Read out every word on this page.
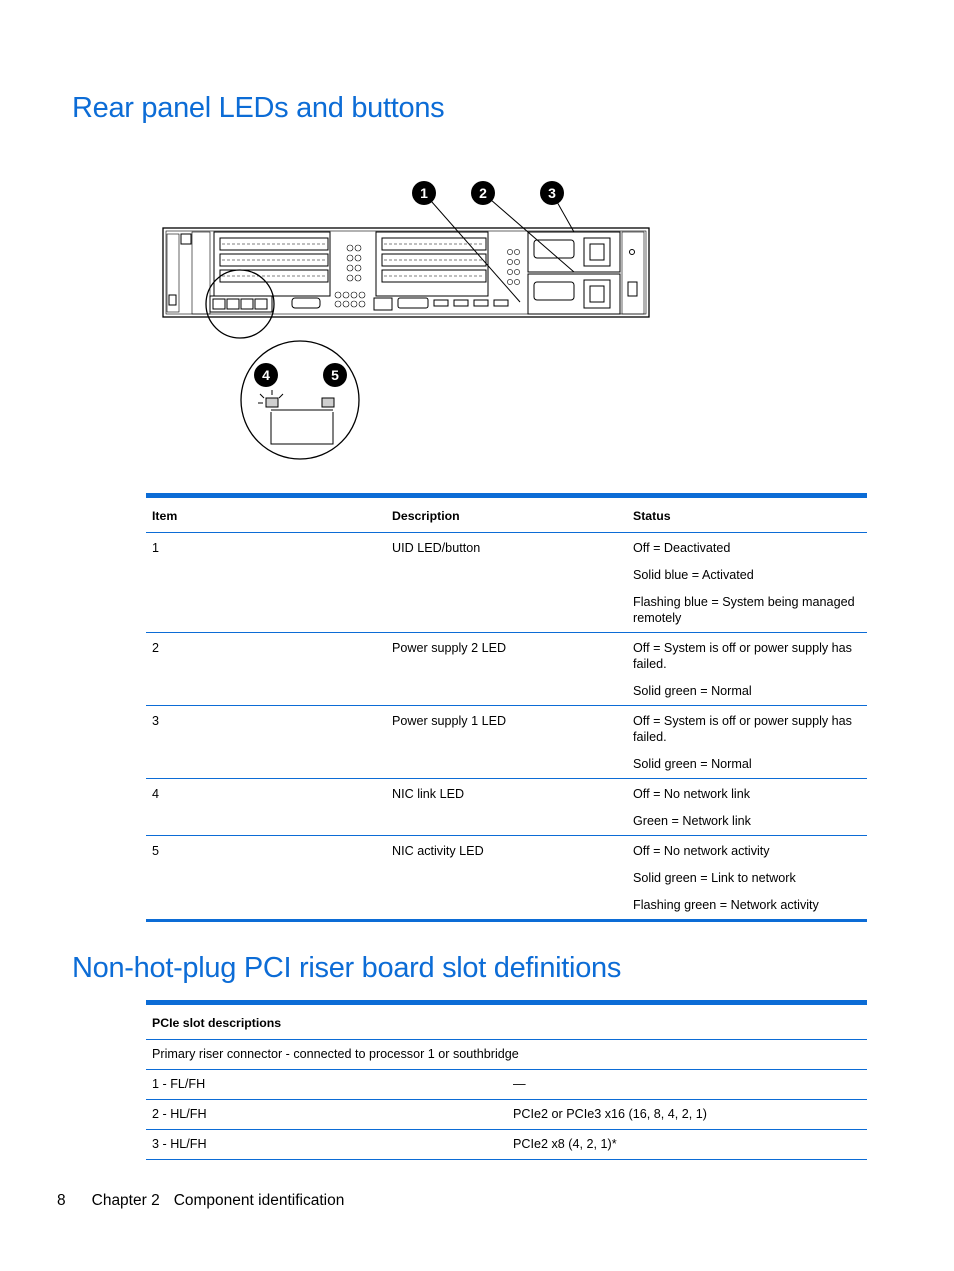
Rear panel LEDs and buttons
1	2	3
4	5
Item	Description	Status
1	UID LED/button	Off = Deactivated

Solid blue = Activated

Flashing blue = System being managed remotely

2	Power supply 2 LED	Off = System is off or power supply has failed.

Solid green = Normal

3	Power supply 1 LED	Off = System is off or power supply has failed.

Solid green = Normal

4	NIC link LED	Off = No network link

Green = Network link

5	NIC activity LED	Off = No network activity

Solid green = Link to network

Flashing green = Network activity

Non-hot-plug PCI riser board slot definitions
PCIe slot descriptions	
Primary riser connector - connected to processor 1 or southbridge	
1 - FL/FH	—
2 - HL/FH	PCIe2 or PCIe3 x16 (16, 8, 4, 2, 1)
3 - HL/FH	PCIe2 x8 (4, 2, 1)*
8 Chapter 2 Component identification
